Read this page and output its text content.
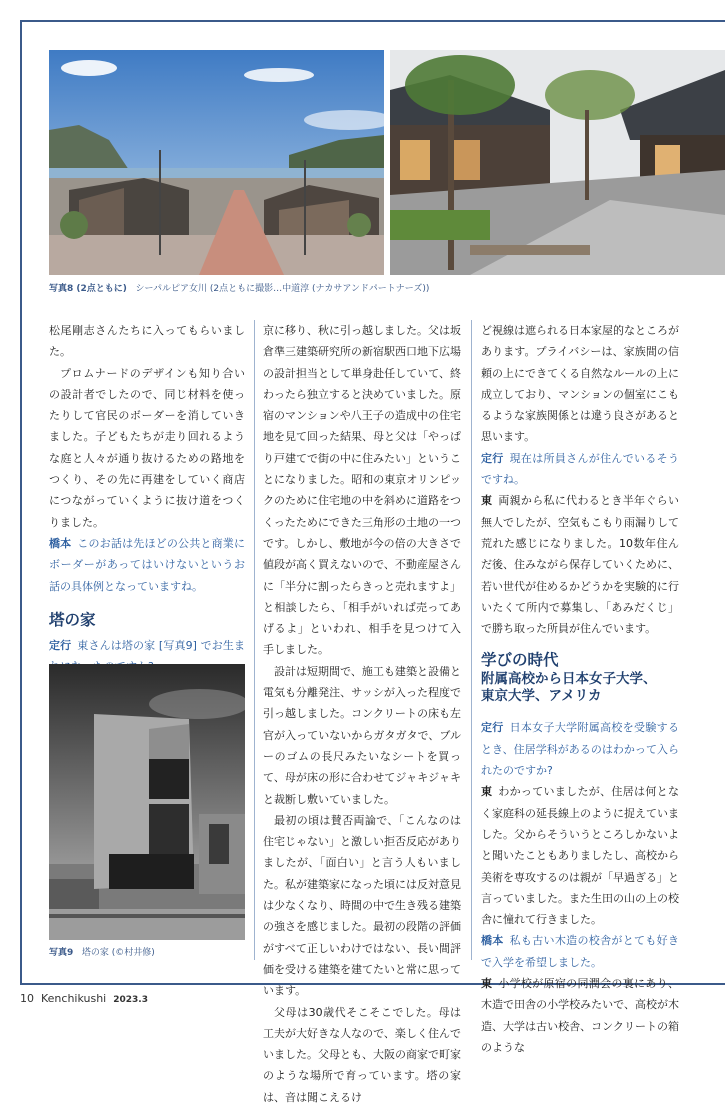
写真8 (2点ともに) シーパルピア女川 (2点ともに撮影…中道淳 (ナカサアンドパートナーズ))

松尾剛志さんたちに入ってもらいました。

プロムナードのデザインも知り合いの設計者でしたので、同じ材料を使ったりして官民のボーダーを消していきました。子どもたちが走り回れるような庭と人々が通り抜けるための路地をつくり、その先に再建をしていく商店につながっていくように抜け道をつくりました。

橋本 このお話は先ほどの公共と商業にボーダーがあってはいけないというお話の具体例となっていますね。

塔の家

定行 東さんは塔の家 [写真9] でお生ま

写真9 塔の家 (©村井修)

京に移り、秋に引っ越しました。父は坂倉準三建築研究所の新宿駅西口地下広場の設計担当として単身赴任していて、終わったら独立すると決めていました。原宿のマンションや八王子の造成中の住宅地を見て回った結果、母と父は「やっぱり戸建てで街の中に住みたい」ということになりました。昭和の東京オリンピックのために住宅地の中を斜めに道路をつくったためにできた三角形の土地の一つです。しかし、敷地が今の倍の大きさで値段が高く買えないので、不動産屋さんに「半分に割ったらきっと売れますよ」と相談したら、「相手がいれば売ってあげるよ」といわれ、相手を見つけて入手しました。

設計は短期間で、施工も建築と設備と電気も分離発注、サッシが入った程度で引っ越しました。コンクリートの床も左官が入っていないからガタガタで、ブルーのゴムの長尺みたいなシートを買って、母が床の形に合わせてジャキジャキと裁断し敷いていました。

最初の頃は賛否両論で、「こんなのは住宅じゃない」と激しい拒否反応がありましたが、「面白い」と言う人もいました。私が建築家になった頃には反対意見は少なくなり、時間の中で生き残る建築の強さを感じました。最初の段階の評価がすべて正しいわけではない、長い間評価を受ける建築を建てたいと常に思っています。

父母は30歳代そこそこでした。母は工夫が大好きな人なので、楽しく住んでいました。父母とも、大阪の商家で町家のような場所で育っています。塔の家は、音は聞こえるけ

ど視線は遮られる日本家屋的なところがあります。プライバシーは、家族間の信頼の上にできてくる自然なルールの上に成立しており、マンションの個室にこもるような家族関係とは違う良さがあると思います。

定行 現在は所員さんが住んでいるそうですね。

東 両親から私に代わるとき半年ぐらい無人でしたが、空気もこもり雨漏りして荒れた感じになりました。10数年住んだ後、住みながら保存していくために、若い世代が住めるかどうかを実験的に行いたくて所内で募集し、「あみだくじ」で勝ち取った所員が住んでいます。

学びの時代
附属高校から日本女子大学、
東京大学、アメリカ

定行 日本女子大学附属高校を受験するとき、住居学科があるのはわかって入られたのですか?

東 わかっていましたが、住居は何となく家庭科の延長線上のように捉えていました。父からそういうところしかないよと聞いたこともありましたし、高校から美術を専攻するのは親が「早過ぎる」と言っていました。また生田の山の上の校舎に憧れて行きました。

橋本 私も古い木造の校舎がとても好きで入学を希望しました。

東 小学校が原宿の同潤会の裏にあり、木造で田舎の小学校みたいで、高校が木造、大学は古い校舎、コンクリートの箱のような

10 Kenchikushi 2023.3
